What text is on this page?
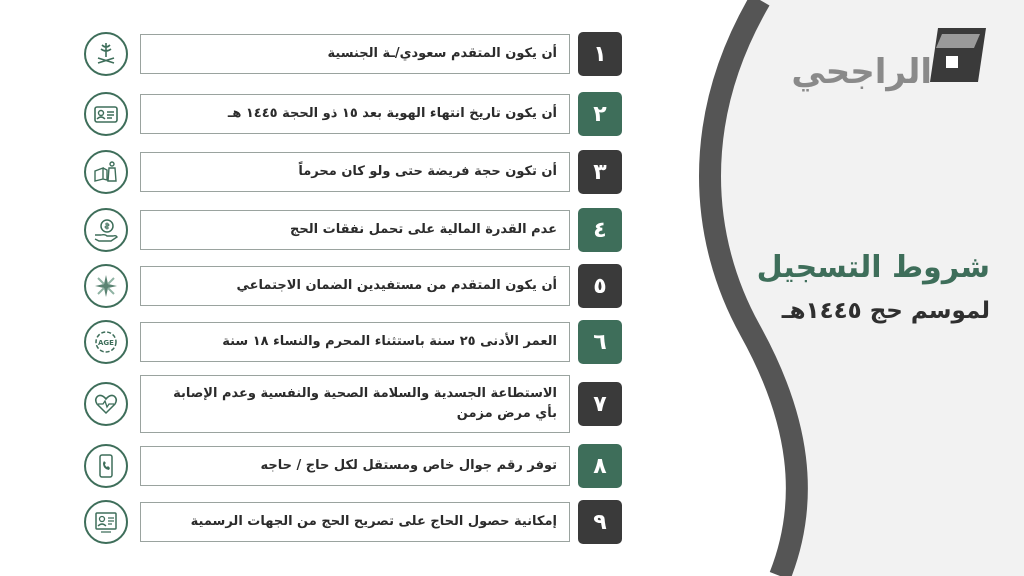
الراجحي
شروط التسجيل
لموسم حج ١٤٤٥هـ
أن يكون المتقدم سعودي/ـة الجنسية	١
أن يكون تاريخ انتهاء الهوية بعد ١٥ ذو الحجة ١٤٤٥ هـ	٢
أن تكون حجة فريضة حتى ولو كان محرماً	٣
عدم القدرة المالية على تحمل نفقات الحج	٤
أن يكون المتقدم من مستفيدين الضمان الاجتماعي	٥
AGE	العمر الأدنى ٢٥ سنة باستثناء المحرم والنساء ١٨ سنة	٦
الاستطاعة الجسدية والسلامة الصحية والنفسية وعدم الإصابة بأي مرض مزمن	٧
توفر رقم جوال خاص ومستقل لكل حاج / حاجه	٨
إمكانية حصول الحاج على تصريح الحج من الجهات الرسمية	٩
